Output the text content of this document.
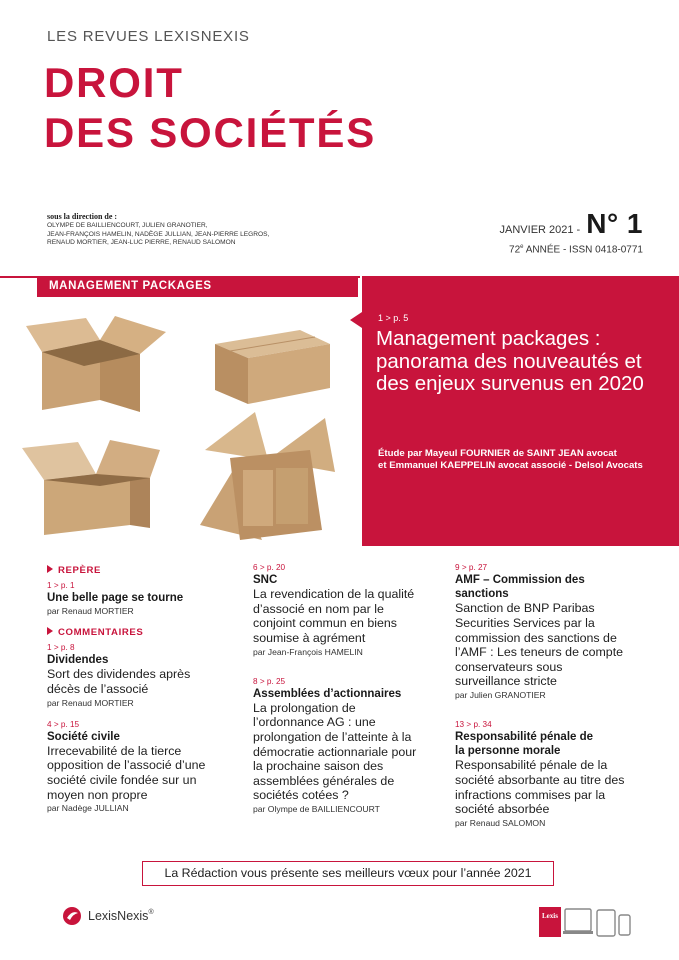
LES REVUES LEXISNEXIS
DROIT
DES SOCIÉTÉS
sous la direction de :
OLYMPE DE BAILLIENCOURT, JULIEN GRANOTIER,
JEAN-FRANÇOIS HAMELIN, NADÈGE JULLIAN, JEAN-PIERRE LEGROS,
RENAUD MORTIER, JEAN-LUC PIERRE, RENAUD SALOMON
JANVIER 2021 - N° 1
72e ANNÉE - ISSN 0418-0771
MANAGEMENT PACKAGES
1 > p. 5
Management packages : panorama des nouveautés et des enjeux survenus en 2020
Étude par Mayeul FOURNIER de SAINT JEAN avocat
et Emmanuel KAEPPELIN avocat associé - Delsol Avocats
REPÈRE
1 > p. 1
Une belle page se tourne
par Renaud MORTIER
COMMENTAIRES
1 > p. 8
Dividendes
Sort des dividendes après décès de l’associé
par Renaud MORTIER
4 > p. 15
Société civile
Irrecevabilité de la tierce opposition de l’associé d’une société civile fondée sur un moyen non propre
par Nadège JULLIAN
6 > p. 20
SNC
La revendication de la qualité d’associé en nom par le conjoint commun en biens soumise à agrément
par Jean-François HAMELIN
8 > p. 25
Assemblées d’actionnaires
La prolongation de l’ordonnance AG : une prolongation de l’atteinte à la démocratie actionnariale pour la prochaine saison des assemblées générales de sociétés cotées ?
par Olympe de BAILLIENCOURT
9 > p. 27
AMF – Commission des sanctions
Sanction de BNP Paribas Securities Services par la commission des sanctions de l’AMF : Les teneurs de compte conservateurs sous surveillance stricte
par Julien GRANOTIER
13 > p. 34
Responsabilité pénale de la personne morale
Responsabilité pénale de la société absorbante au titre des infractions commises par la société absorbée
par Renaud SALOMON
La Rédaction vous présente ses meilleurs vœux pour l’année 2021
LexisNexis®	Lexis
